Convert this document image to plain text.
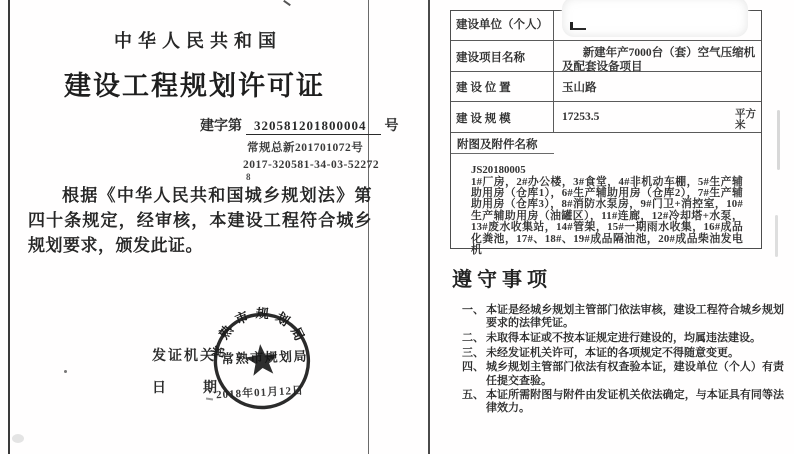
中华人民共和国
建设工程规划许可证
建字第 320581201800004 号
常规总新201701072号
2017-320581-34-03-52272
8
根据《中华人民共和国城乡规划法》第四十条规定，经审核，本建设工程符合城乡规划要求，颁发此证。
发证机关
日　　期
常熟市规划局
常熟市规划局
2018年01月12日
建设单位（个人）
建设项目名称	新建年产7000台（套）空气压缩机及配套设备项目
建 设 位 置	玉山路
建 设 规 模	17253.5	平方米
附图及附件名称
JS20180005
1#厂房，2#办公楼，3#食堂，4#非机动车棚，5#生产辅助用房（仓库1），6#生产辅助用房（仓库2），7#生产辅助用房（仓库3），8#消防水泵房，9#门卫+消控室，10#生产辅助用房（油罐区），11#连廊，12#冷却塔+水泵，13#废水收集站，14#管架，15#一期雨水收集，16#成品化粪池，17#、18#、19#成品隔油池，20#成品柴油发电机
遵守事项
一、 本证是经城乡规划主管部门依法审核，建设工程符合城乡规划要求的法律凭证。
二、 未取得本证或不按本证规定进行建设的，均属违法建设。
三、 未经发证机关许可，本证的各项规定不得随意变更。
四、 城乡规划主管部门依法有权查验本证，建设单位（个人）有责任提交查验。
五、 本证所需附图与附件由发证机关依法确定，与本证具有同等法律效力。
